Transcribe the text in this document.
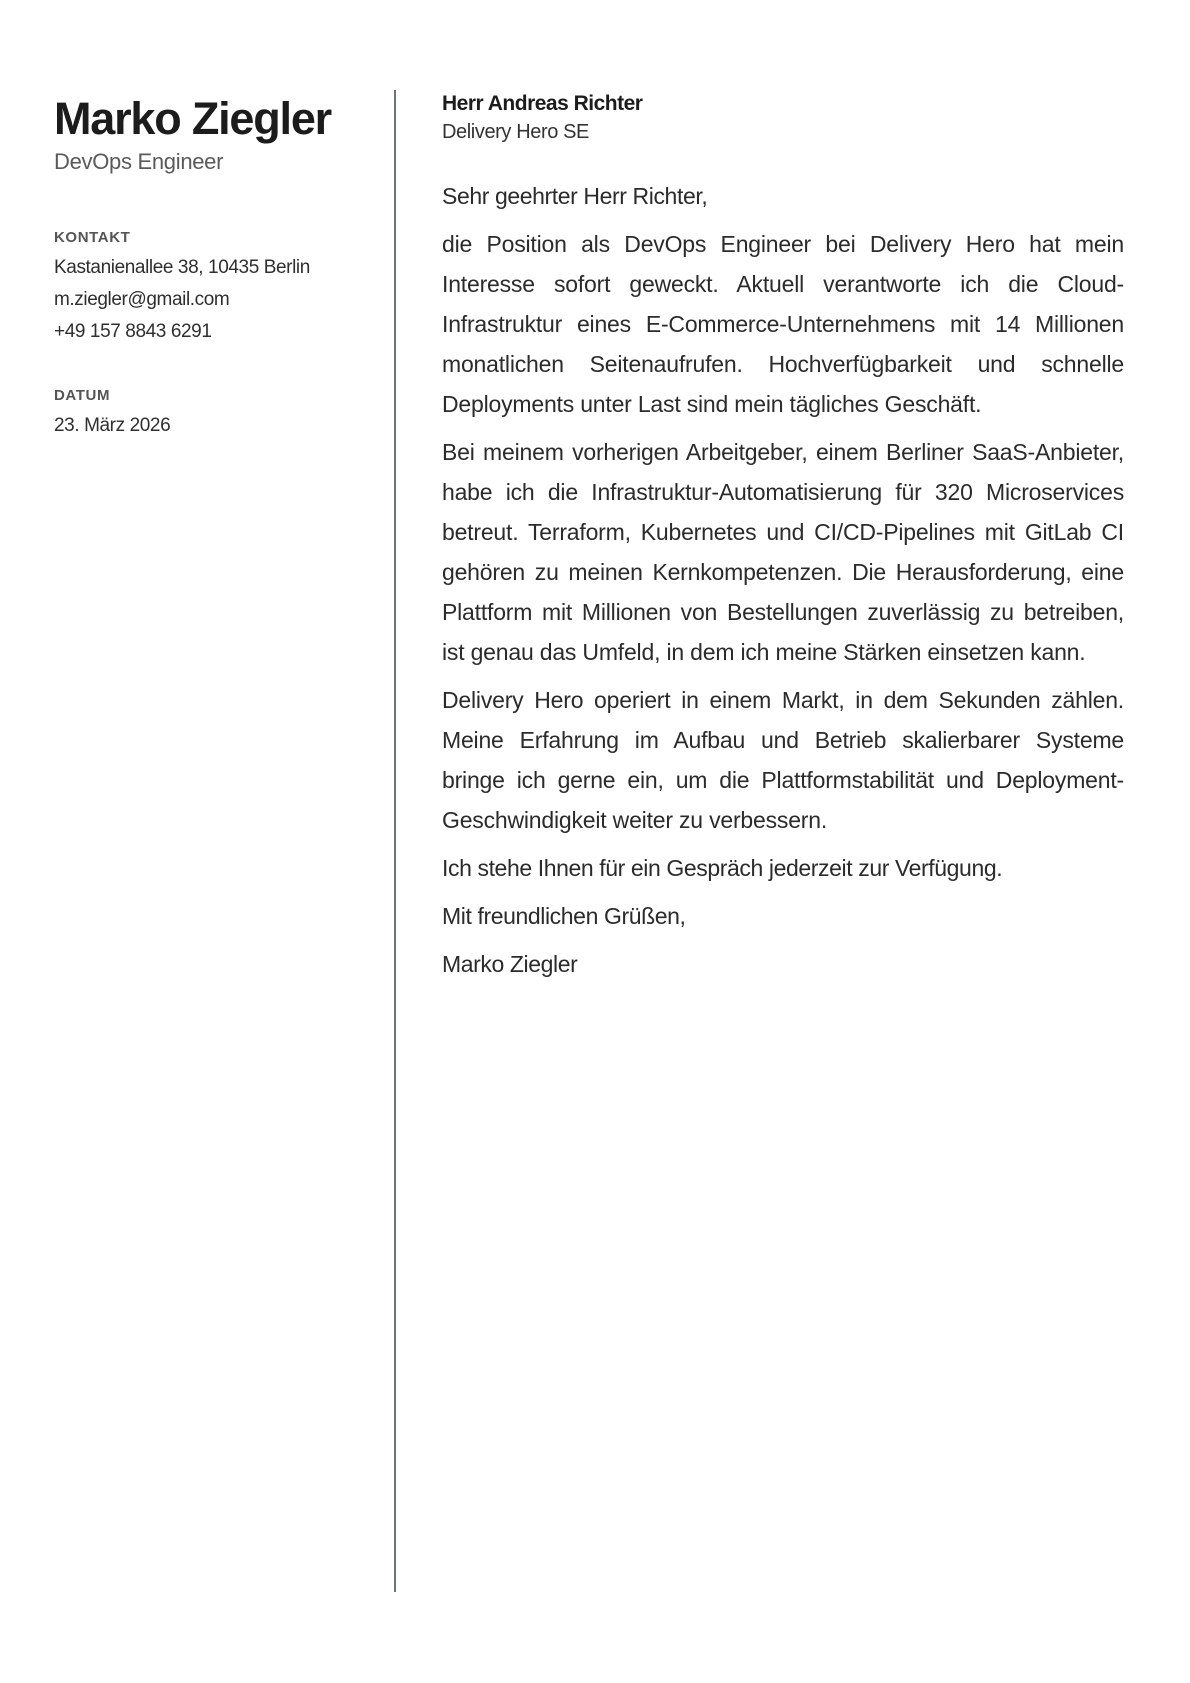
Marko Ziegler
DevOps Engineer
KONTAKT
Kastanienallee 38, 10435 Berlin
m.ziegler@gmail.com
+49 157 8843 6291
DATUM
23. März 2026
Herr Andreas Richter
Delivery Hero SE
Sehr geehrter Herr Richter,

die Position als DevOps Engineer bei Delivery Hero hat mein Interesse sofort geweckt. Aktuell verantworte ich die Cloud-Infrastruktur eines E-Commerce-Unternehmens mit 14 Millionen monatlichen Seitenaufrufen. Hochverfügbarkeit und schnelle Deployments unter Last sind mein tägliches Geschäft.

Bei meinem vorherigen Arbeitgeber, einem Berliner SaaS-Anbieter, habe ich die Infrastruktur-Automatisierung für 320 Microservices betreut. Terraform, Kubernetes und CI/CD-Pipelines mit GitLab CI gehören zu meinen Kernkompetenzen. Die Herausforderung, eine Plattform mit Millionen von Bestellungen zuverlässig zu betreiben, ist genau das Umfeld, in dem ich meine Stärken einsetzen kann.

Delivery Hero operiert in einem Markt, in dem Sekunden zählen. Meine Erfahrung im Aufbau und Betrieb skalierbarer Systeme bringe ich gerne ein, um die Plattformstabilität und Deployment-Geschwindigkeit weiter zu verbessern.

Ich stehe Ihnen für ein Gespräch jederzeit zur Verfügung.
Mit freundlichen Grüßen,
Marko Ziegler
